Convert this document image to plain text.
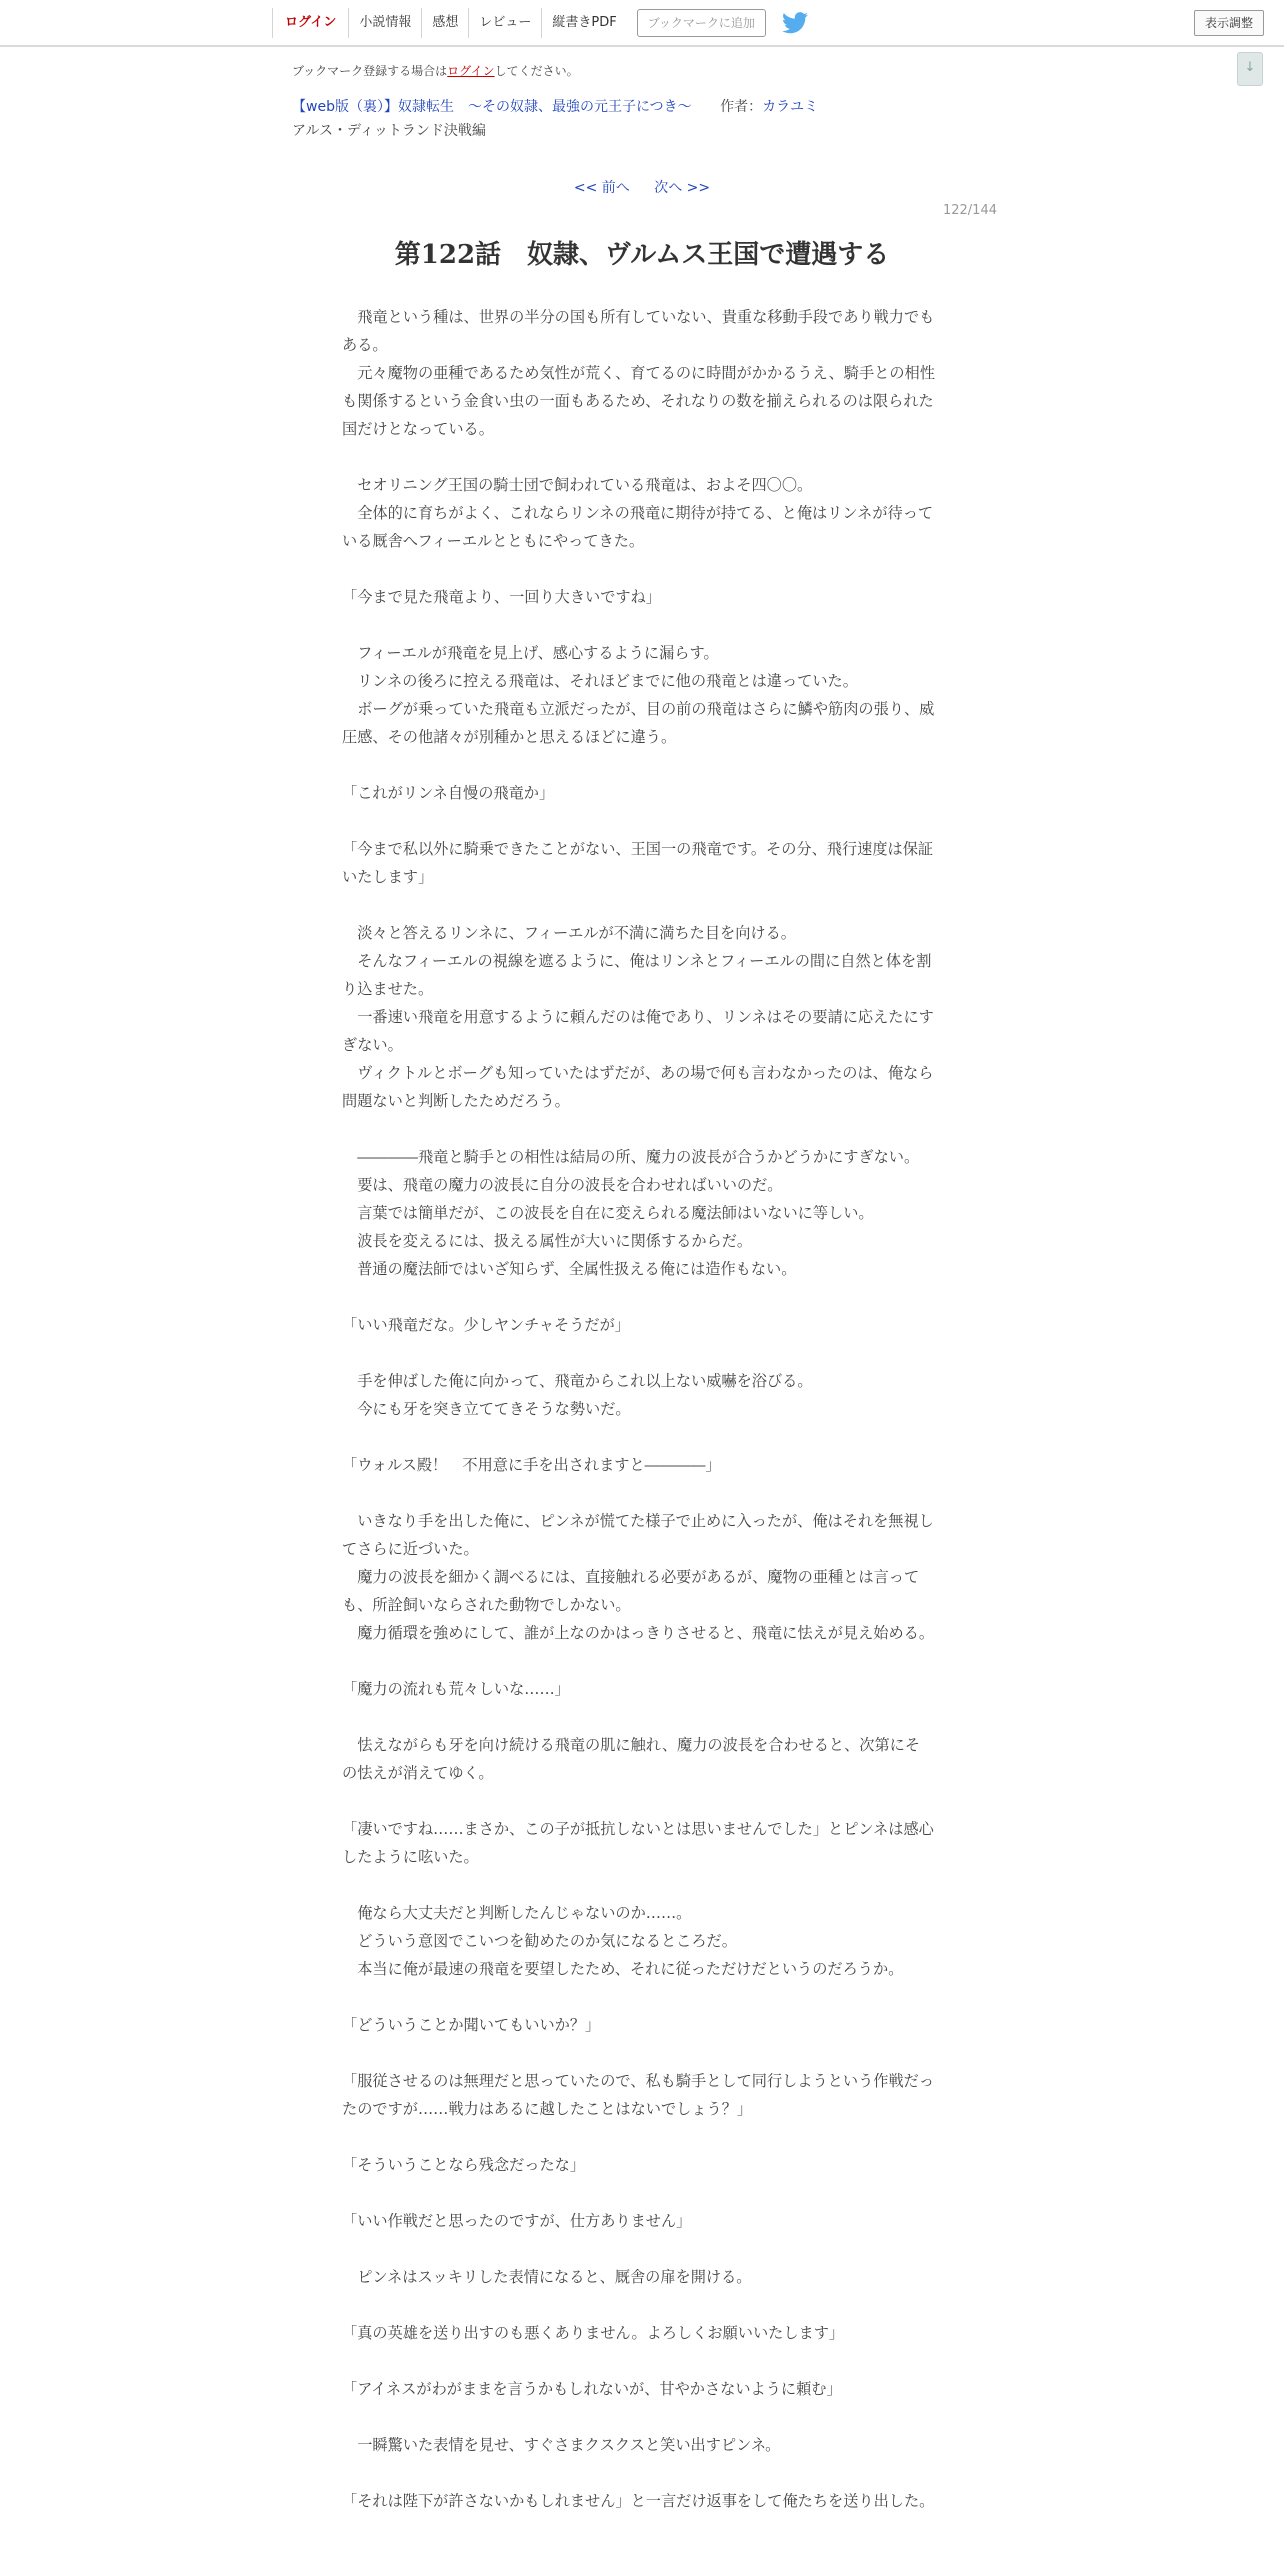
ログイン	小説情報	感想	レビュー	縦書きPDF	ブックマークに追加	表示調整
↓
ブックマーク登録する場合はログインしてください。
【web版（裏）】奴隷転生　～その奴隷、最強の元王子につき～ 作者：カラユミ
アルス・ディットランド決戦編
<< 前へ 次へ >>
122/144
第122話　奴隷、ヴルムス王国で遭遇する

　飛竜という種は、世界の半分の国も所有していない、貴重な移動手段であり戦力でもある。

　元々魔物の亜種であるため気性が荒く、育てるのに時間がかかるうえ、騎手との相性も関係するという金食い虫の一面もあるため、それなりの数を揃えられるのは限られた国だけとなっている。

　セオリニング王国の騎士団で飼われている飛竜は、およそ四〇〇。

　全体的に育ちがよく、これならリンネの飛竜に期待が持てる、と俺はリンネが待っている厩舎へフィーエルとともにやってきた。

「今まで見た飛竜より、一回り大きいですね」

　フィーエルが飛竜を見上げ、感心するように漏らす。

　リンネの後ろに控える飛竜は、それほどまでに他の飛竜とは違っていた。

　ボーグが乗っていた飛竜も立派だったが、目の前の飛竜はさらに鱗や筋肉の張り、威圧感、その他諸々が別種かと思えるほどに違う。

「これがリンネ自慢の飛竜か」

「今まで私以外に騎乗できたことがない、王国一の飛竜です。その分、飛行速度は保証いたします」

　淡々と答えるリンネに、フィーエルが不満に満ちた目を向ける。

　そんなフィーエルの視線を遮るように、俺はリンネとフィーエルの間に自然と体を割り込ませた。

　一番速い飛竜を用意するように頼んだのは俺であり、リンネはその要請に応えたにすぎない。

　ヴィクトルとボーグも知っていたはずだが、あの場で何も言わなかったのは、俺なら問題ないと判断したためだろう。

　――――飛竜と騎手との相性は結局の所、魔力の波長が合うかどうかにすぎない。

　要は、飛竜の魔力の波長に自分の波長を合わせればいいのだ。

　言葉では簡単だが、この波長を自在に変えられる魔法師はいないに等しい。

　波長を変えるには、扱える属性が大いに関係するからだ。

　普通の魔法師ではいざ知らず、全属性扱える俺には造作もない。

「いい飛竜だな。少しヤンチャそうだが」

　手を伸ばした俺に向かって、飛竜からこれ以上ない威嚇を浴びる。

　今にも牙を突き立ててきそうな勢いだ。

「ウォルス殿！　不用意に手を出されますと――――」

　いきなり手を出した俺に、ピンネが慌てた様子で止めに入ったが、俺はそれを無視してさらに近づいた。

　魔力の波長を細かく調べるには、直接触れる必要があるが、魔物の亜種とは言っても、所詮飼いならされた動物でしかない。

　魔力循環を強めにして、誰が上なのかはっきりさせると、飛竜に怯えが見え始める。

「魔力の流れも荒々しいな……」

　怯えながらも牙を向け続ける飛竜の肌に触れ、魔力の波長を合わせると、次第にその怯えが消えてゆく。

「凄いですね……まさか、この子が抵抗しないとは思いませんでした」とピンネは感心したように呟いた。

　俺なら大丈夫だと判断したんじゃないのか……。

　どういう意図でこいつを勧めたのか気になるところだ。

　本当に俺が最速の飛竜を要望したため、それに従っただけだというのだろうか。

「どういうことか聞いてもいいか？」

「服従させるのは無理だと思っていたので、私も騎手として同行しようという作戦だったのですが……戦力はあるに越したことはないでしょう？」

「そういうことなら残念だったな」

「いい作戦だと思ったのですが、仕方ありません」

　ピンネはスッキリした表情になると、厩舎の扉を開ける。

「真の英雄を送り出すのも悪くありません。よろしくお願いいたします」

「アイネスがわがままを言うかもしれないが、甘やかさないように頼む」

　一瞬驚いた表情を見せ、すぐさまクスクスと笑い出すピンネ。

「それは陛下が許さないかもしれません」と一言だけ返事をして俺たちを送り出した。
